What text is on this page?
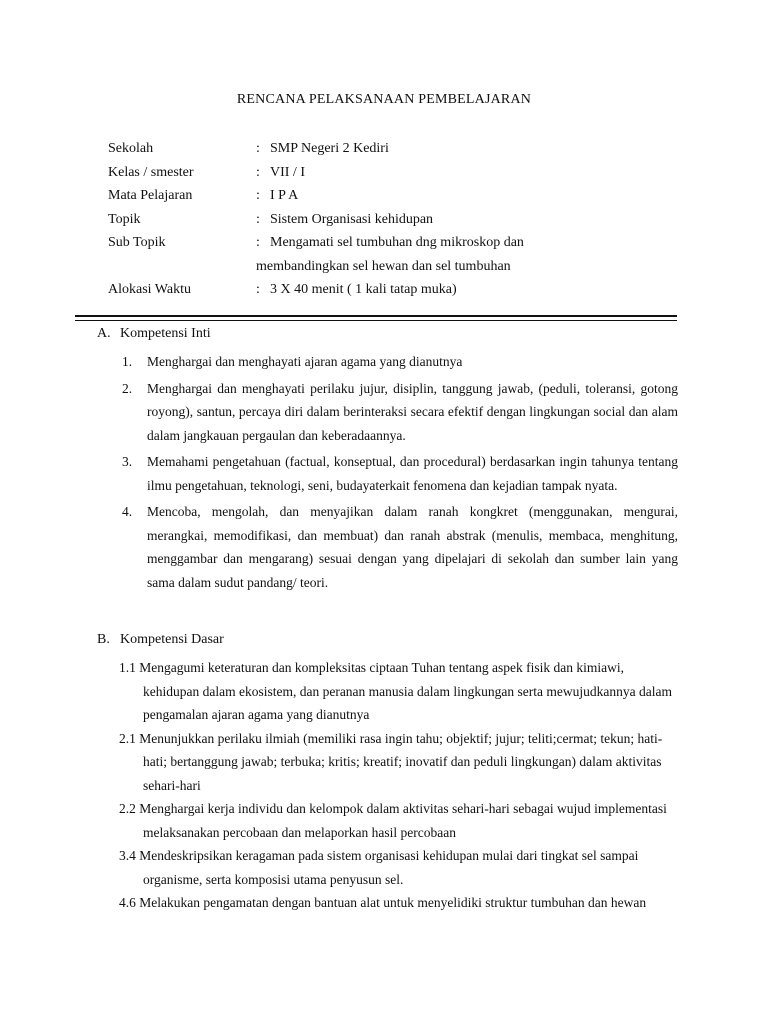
RENCANA PELAKSANAAN PEMBELAJARAN
Sekolah	: SMP Negeri 2 Kediri
Kelas / smester	: VII / I
Mata Pelajaran	: I P A
Topik	: Sistem Organisasi kehidupan
Sub Topik	: Mengamati sel tumbuhan dng mikroskop dan
membandingkan sel hewan dan sel tumbuhan
Alokasi Waktu	: 3 X 40 menit ( 1 kali tatap muka)
A. Kompetensi Inti
1.	Menghargai dan menghayati ajaran agama yang dianutnya
2.	Menghargai dan menghayati perilaku jujur, disiplin, tanggung jawab, (peduli, toleransi, gotong royong), santun, percaya diri dalam berinteraksi secara efektif dengan lingkungan social dan alam dalam jangkauan pergaulan dan keberadaannya.
3.	Memahami pengetahuan (factual, konseptual, dan procedural) berdasarkan ingin tahunya tentang ilmu pengetahuan, teknologi, seni, budayaterkait fenomena dan kejadian tampak nyata.
4.	Mencoba, mengolah, dan menyajikan dalam ranah kongkret (menggunakan, mengurai, merangkai, memodifikasi, dan membuat) dan ranah abstrak (menulis, membaca, menghitung, menggambar dan mengarang) sesuai dengan yang dipelajari di sekolah dan sumber lain yang sama dalam sudut pandang/ teori.
B. Kompetensi Dasar
1.1 Mengagumi keteraturan dan kompleksitas ciptaan Tuhan tentang aspek fisik dan kimiawi, kehidupan dalam ekosistem, dan peranan manusia dalam lingkungan serta mewujudkannya dalam pengamalan ajaran agama yang dianutnya
2.1 Menunjukkan perilaku ilmiah (memiliki rasa ingin tahu; objektif; jujur; teliti;cermat; tekun; hati-hati; bertanggung jawab; terbuka; kritis; kreatif; inovatif dan peduli lingkungan) dalam aktivitas sehari-hari
2.2 Menghargai kerja individu dan kelompok dalam aktivitas sehari-hari sebagai wujud implementasi melaksanakan percobaan dan melaporkan hasil percobaan
3.4 Mendeskripsikan keragaman pada sistem organisasi kehidupan mulai dari tingkat sel sampai organisme, serta komposisi utama penyusun sel.
4.6 Melakukan pengamatan dengan bantuan alat untuk menyelidiki struktur tumbuhan dan hewan
